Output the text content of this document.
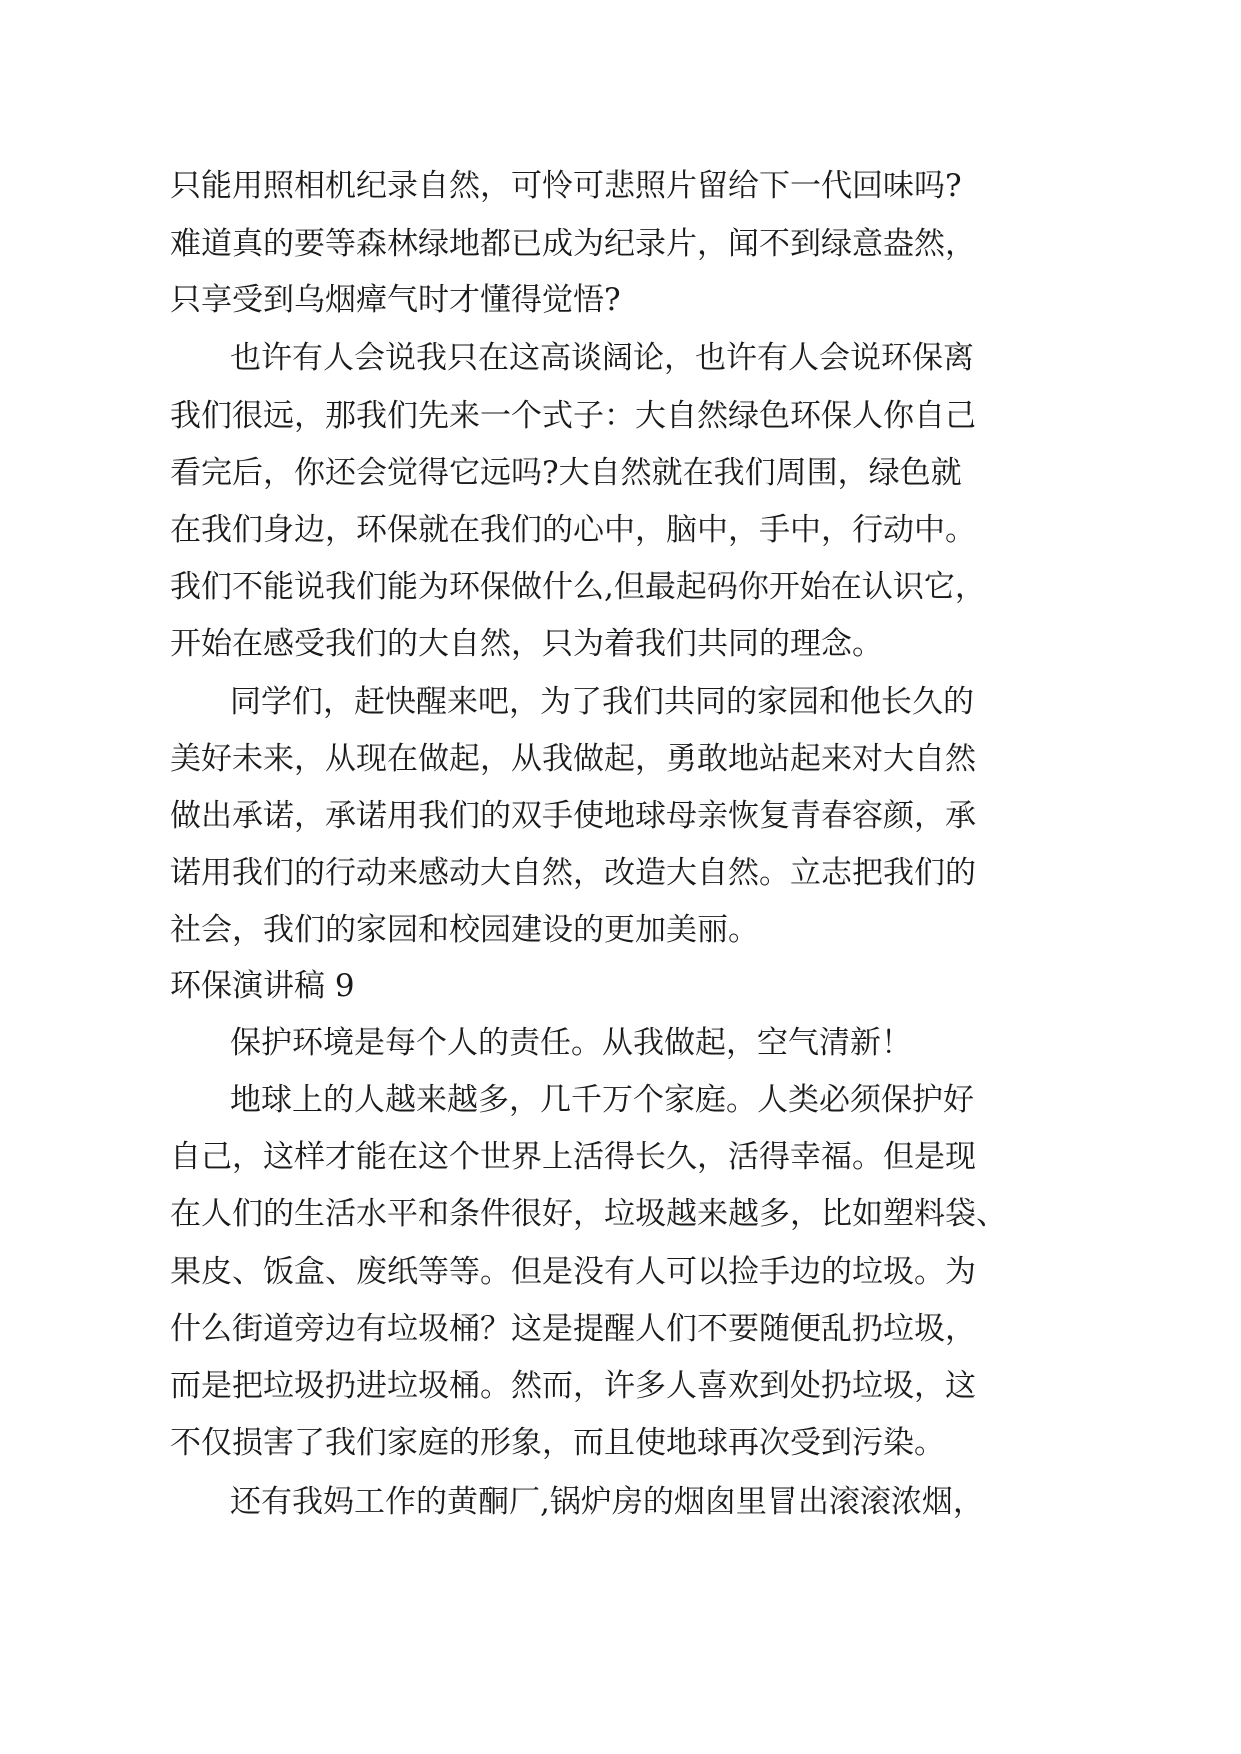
只能用照相机纪录自然，可怜可悲照片留给下一代回味吗?
难道真的要等森林绿地都已成为纪录片，闻不到绿意盎然，
只享受到乌烟瘴气时才懂得觉悟?
也许有人会说我只在这高谈阔论，也许有人会说环保离
我们很远，那我们先来一个式子：大自然绿色环保人你自己
看完后，你还会觉得它远吗?大自然就在我们周围，绿色就
在我们身边，环保就在我们的心中，脑中，手中，行动中。
我们不能说我们能为环保做什么,但最起码你开始在认识它，
开始在感受我们的大自然，只为着我们共同的理念。
同学们，赶快醒来吧，为了我们共同的家园和他长久的
美好未来，从现在做起，从我做起，勇敢地站起来对大自然
做出承诺，承诺用我们的双手使地球母亲恢复青春容颜，承
诺用我们的行动来感动大自然，改造大自然。立志把我们的
社会，我们的家园和校园建设的更加美丽。
环保演讲稿 9
保护环境是每个人的责任。从我做起，空气清新！
地球上的人越来越多，几千万个家庭。人类必须保护好
自己，这样才能在这个世界上活得长久，活得幸福。但是现
在人们的生活水平和条件很好，垃圾越来越多，比如塑料袋、
果皮、饭盒、废纸等等。但是没有人可以捡手边的垃圾。为
什么街道旁边有垃圾桶？这是提醒人们不要随便乱扔垃圾，
而是把垃圾扔进垃圾桶。然而，许多人喜欢到处扔垃圾，这
不仅损害了我们家庭的形象，而且使地球再次受到污染。
还有我妈工作的黄酮厂,锅炉房的烟囱里冒出滚滚浓烟，
